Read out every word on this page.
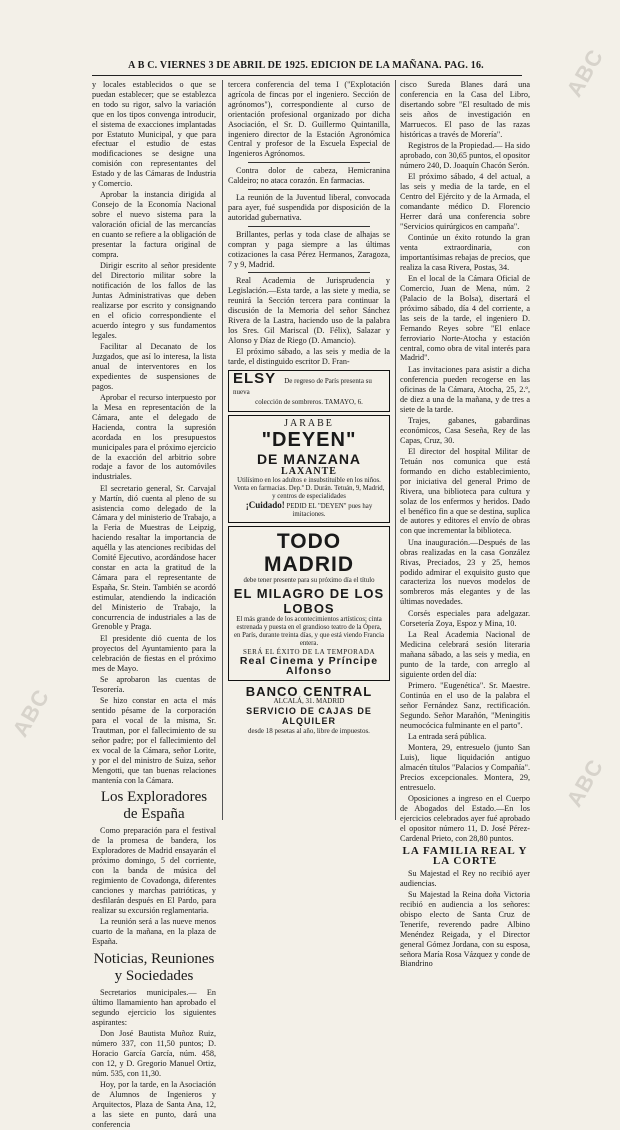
ABC
ABC
ABC
A B C. VIERNES 3 DE ABRIL DE 1925. EDICION DE LA MAÑANA. PAG. 16.

y locales establecidos o que se puedan establecer; que se establezca en todo su rigor, salvo la variación que en los tipos convenga introducir, el sistema de exacciones implantadas por Estatuto Municipal, y que para efectuar el estudio de estas modificaciones se designe una comisión con representantes del Estado y de las Cámaras de Industria y Comercio.

Aprobar la instancia dirigida al Consejo de la Economía Nacional sobre el nuevo sistema para la valoración oficial de las mercancías en cuanto se refiere a la obligación de presentar la factura original de compra.

Dirigir escrito al señor presidente del Directorio militar sobre la notificación de los fallos de las Juntas Administrativas que deben realizarse por escrito y consignando en el oficio correspondiente el acuerdo íntegro y sus fundamentos legales.

Facilitar al Decanato de los Juzgados, que así lo interesa, la lista anual de interventores en los expedientes de suspensiones de pagos.

Aprobar el recurso interpuesto por la Mesa en representación de la Cámara, ante el delegado de Hacienda, contra la supresión acordada en los presupuestos municipales para el próximo ejercicio de la exacción del arbitrio sobre rodaje a favor de los automóviles industriales.

El secretario general, Sr. Carvajal y Martín, dió cuenta al pleno de su asistencia como delegado de la Cámara y del ministerio de Trabajo, a la Feria de Muestras de Leipzig, haciendo resaltar la importancia de aquélla y las atenciones recibidas del Comité Ejecutivo, acordándose hacer constar en acta la gratitud de la Cámara para el representante de España, Sr. Stein. También se acordó estimular, atendiendo la indicación del Ministerio de Trabajo, la concurrencia de industriales a las de Grenoble y Praga.

El presidente dió cuenta de los proyectos del Ayuntamiento para la celebración de fiestas en el próximo mes de Mayo.

Se aprobaron las cuentas de Tesorería.

Se hizo constar en acta el más sentido pésame de la corporación para el vocal de la misma, Sr. Trautman, por el fallecimiento de su señor padre; por el fallecimiento del ex vocal de la Cámara, señor Lorite, y por el del ministro de Suiza, señor Mengotti, que tan buenas relaciones mantenía con la Cámara.

Los Exploradores de España

Como preparación para el festival de la promesa de bandera, los Exploradores de Madrid ensayarán el próximo domingo, 5 del corriente, con la banda de música del regimiento de Covadonga, diferentes canciones y marchas patrióticas, y desfilarán después en El Pardo, para realizar su excursión reglamentaria.

La reunión será a las nueve menos cuarto de la mañana, en la plaza de España.

Noticias, Reuniones y Sociedades

Secretarios municipales.— En último llamamiento han aprobado el segundo ejercicio los siguientes aspirantes:

Don José Bautista Muñoz Ruiz, número 337, con 11,50 puntos; D. Horacio García García, núm. 458, con 12, y D. Gregorio Manuel Ortiz, núm. 535, con 11,30.

Hoy, por la tarde, en la Asociación de Alumnos de Ingenieros y Arquitectos, Plaza de Santa Ana, 12, a las siete en punto, dará una conferencia

tercera conferencia del tema I ("Explotación agrícola de fincas por el ingeniero. Sección de agrónomos"), correspondiente al curso de orientación profesional organizado por dicha Asociación, el Sr. D. Guillermo Quintanilla, ingeniero director de la Estación Agronómica Central y profesor de la Escuela Especial de Ingenieros Agrónomos.

Contra dolor de cabeza, Hemicranina Caldeiro; no ataca corazón. En farmacias.

La reunión de la Juventud liberal, convocada para ayer, fué suspendida por disposición de la autoridad gubernativa.

Brillantes, perlas y toda clase de alhajas se compran y paga siempre a las últimas cotizaciones la casa Pérez Hermanos, Zaragoza, 7 y 9, Madrid.

Real Academia de Jurisprudencia y Legislación.—Esta tarde, a las siete y media, se reunirá la Sección tercera para continuar la discusión de la Memoria del señor Sánchez Rivera de la Lastra, haciendo uso de la palabra los Sres. Gil Mariscal (D. Félix), Salazar y Alonso y Díaz de Riego (D. Amancio).

El próximo sábado, a las seis y media de la tarde, el distinguido escritor D. Fran-

ELSY De regreso de París presenta su nueva
colección de sombreros. TAMAYO, 6.
JARABE
"DEYEN"
DE MANZANA
LAXANTE
Utilísimo en los adultos e insubstituible en los niños. Venta en farmacias. Dep.º D. Durán. Tetuán, 9, Madrid, y centros de especialidades
¡Cuidado! PEDID EL "DEYEN" pues hay imitaciones.
TODO MADRID
debe tener presente para su próximo día el título
EL MILAGRO DE LOS LOBOS
El más grande de los acontecimientos artísticos; cinta estrenada y puesta en el grandioso teatro de la Ópera, en París, durante treinta días, y que está viendo Francia entera.
SERÁ EL ÉXITO DE LA TEMPORADA
Real Cinema y Príncipe Alfonso
BANCO CENTRAL
ALCALÁ, 31. MADRID
SERVICIO DE CAJAS DE ALQUILER
desde 18 pesetas al año, libre de impuestos.

cisco Sureda Blanes dará una conferencia en la Casa del Libro, disertando sobre "El resultado de mis seis años de investigación en Marruecos. El paso de las razas históricas a través de Morería".

Registros de la Propiedad.— Ha sido aprobado, con 30,65 puntos, el opositor número 240, D. Joaquín Chacón Serón.

El próximo sábado, 4 del actual, a las seis y media de la tarde, en el Centro del Ejército y de la Armada, el comandante médico D. Florencio Herrer dará una conferencia sobre "Servicios quirúrgicos en campaña".

Continúe un éxito rotundo la gran venta extraordinaria, con importantísimas rebajas de precios, que realiza la casa Rivera, Postas, 34.

En el local de la Cámara Oficial de Comercio, Juan de Mena, núm. 2 (Palacio de la Bolsa), disertará el próximo sábado, día 4 del corriente, a las seis de la tarde, el ingeniero D. Fernando Reyes sobre "El enlace ferroviario Norte-Atocha y estación central, como obra de vital interés para Madrid".

Las invitaciones para asistir a dicha conferencia pueden recogerse en las oficinas de la Cámara, Atocha, 25, 2.º, de diez a una de la mañana, y de tres a siete de la tarde.

Trajes, gabanes, gabardinas económicos, Casa Seseña, Rey de las Capas, Cruz, 30.

El director del hospital Militar de Tetuán nos comunica que está formando en dicho establecimiento, por iniciativa del general Primo de Rivera, una biblioteca para cultura y solaz de los enfermos y heridos. Dado el benéfico fin a que se destina, suplica de autores y editores el envío de obras con que incrementar la biblioteca.

Una inauguración.—Después de las obras realizadas en la casa González Rivas, Preciados, 23 y 25, hemos podido admirar el exquisito gusto que caracteriza los nuevos modelos de sombreros más elegantes y de las últimas novedades.

Corsés especiales para adelgazar. Corsetería Zoya, Espoz y Mina, 10.

La Real Academia Nacional de Medicina celebrará sesión literaria mañana sábado, a las seis y media, en punto de la tarde, con arreglo al siguiente orden del día:

Primero. "Eugenética". Sr. Maestre. Continúa en el uso de la palabra el señor Fernández Sanz, rectificación. Segundo. Señor Marañón, "Meningitis neumocócica fulminante en el parto".

La entrada será pública.

Montera, 29, entresuelo (junto San Luis), lique liquidación antiguo almacén títulos "Palacios y Compañía". Precios excepcionales. Montera, 29, entresuelo.

Oposiciones a ingreso en el Cuerpo de Abogados del Estado.—En los ejercicios celebrados ayer fué aprobado el opositor número 11, D. José Pérez-Cardenal Prieto, con 28,80 puntos.

LA FAMILIA REAL Y LA CORTE

Su Majestad el Rey no recibió ayer audiencias.

Su Majestad la Reina doña Victoria recibió en audiencia a los señores: obispo electo de Santa Cruz de Tenerife, reverendo padre Albino Menéndez Reigada, y el Director general Gómez Jordana, con su esposa, señora María Rosa Vázquez y conde de Biandrino
